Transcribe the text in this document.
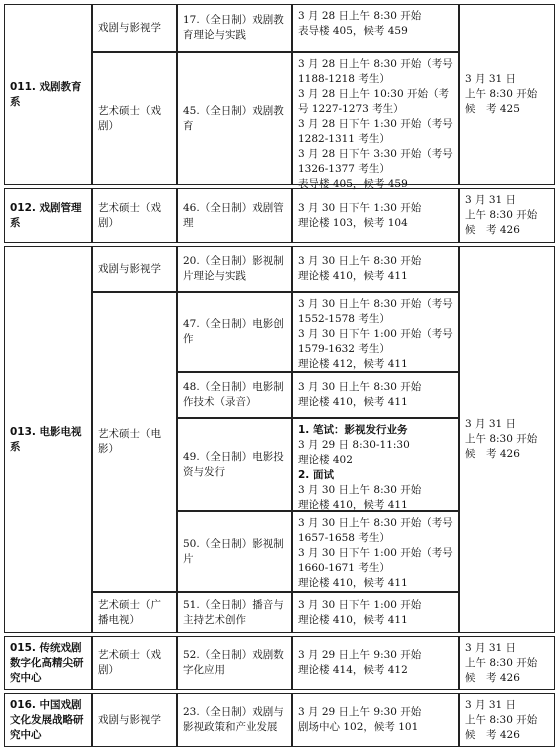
011. 戏剧教育系
戏剧与影视学
17.（全日制）戏剧教育理论与实践
3 月 28 日上午 8:30 开始
表导楼 405，候考 459
艺术硕士（戏剧）
45.（全日制）戏剧教育
3 月 28 日上午 8:30 开始（考号 1188-1218 考生）
3 月 28 日上午 10:30 开始（考号 1227-1273 考生）
3 月 28 日下午 1:30 开始（考号 1282-1311 考生）
3 月 28 日下午 3:30 开始（考号 1326-1377 考生）
表导楼 405，候考 459
3 月 31 日
上午 8:30 开始
候　考 425
012. 戏剧管理系
艺术硕士（戏剧）
46.（全日制）戏剧管理
3 月 30 日下午 1:30 开始
理论楼 103，候考 104
3 月 31 日
上午 8:30 开始
候　考 426
013. 电影电视系
戏剧与影视学
20.（全日制）影视制片理论与实践
3 月 30 日上午 8:30 开始
理论楼 410，候考 411
艺术硕士（电影）
47.（全日制）电影创作
3 月 30 日上午 8:30 开始（考号 1552-1578 考生）
3 月 30 日下午 1:00 开始（考号 1579-1632 考生）
理论楼 412，候考 411
48.（全日制）电影制作技术（录音）
3 月 30 日上午 8:30 开始
理论楼 410，候考 411
49.（全日制）电影投资与发行
1. 笔试：影视发行业务
3 月 29 日 8:30-11:30
理论楼 402
2. 面试
3 月 30 日上午 8:30 开始
理论楼 410，候考 411
50.（全日制）影视制片
3 月 30 日上午 8:30 开始（考号 1657-1658 考生）
3 月 30 日下午 1:00 开始（考号 1660-1671 考生）
理论楼 410，候考 411
艺术硕士（广播电视）
51.（全日制）播音与主持艺术创作
3 月 30 日下午 1:00 开始
理论楼 410，候考 411
3 月 31 日
上午 8:30 开始
候　考 426
015. 传统戏剧数字化高精尖研究中心
艺术硕士（戏剧）
52.（全日制）戏剧数字化应用
3 月 29 日上午 9:30 开始
理论楼 414，候考 412
3 月 31 日
上午 8:30 开始
候　考 426
016. 中国戏剧文化发展战略研究中心
戏剧与影视学
23.（全日制）戏剧与影视政策和产业发展
3 月 29 日上午 9:30 开始
剧场中心 102，候考 101
3 月 31 日
上午 8:30 开始
候　考 426
